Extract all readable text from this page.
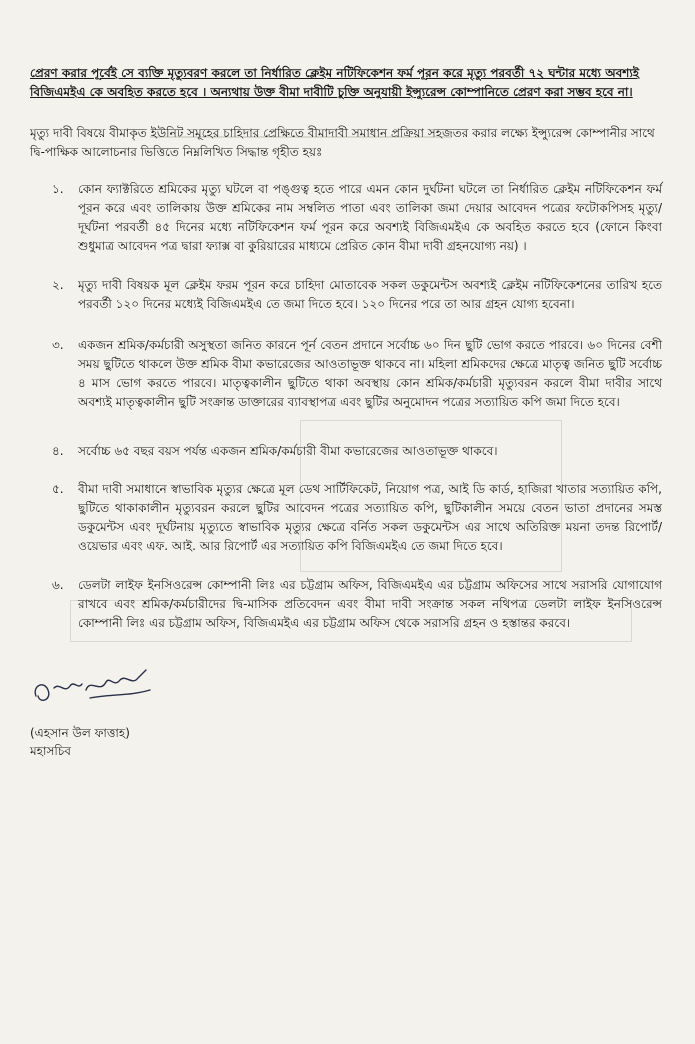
প্রেরণ করার পূর্বেই সে ব্যক্তি মৃত্যুবরণ করলে তা নির্ধারিত ক্লেইম নটিফিকেশন ফর্ম পূরন করে মৃত্যু পরবর্তী ৭২ ঘন্টার মধ্যে অবশ্যই বিজিএমইএ কে অবহিত করতে হবে । অন্যথায় উক্ত বীমা দাবীটি চুক্তি অনুযায়ী ইন্স্যুরেন্স কোম্পানিতে প্রেরণ করা সম্ভব হবে না।
মৃত্যু দাবী বিষয়ে বীমাকৃত ইউনিট সমূহের চাহিদার প্রেক্ষিতে বীমাদাবী সমাধান প্রক্রিয়া সহজতর করার লক্ষ্যে ইন্স্যুরেন্স কোম্পানীর সাথে দ্বি-পাক্ষিক আলোচনার ভিত্তিতে নিম্নলিখিত সিদ্ধান্ত গৃহীত হয়ঃ
১.	কোন ফ্যাক্টরিতে শ্রমিকের মৃত্যু ঘটলে বা পঙ্গুত্ব হতে পারে এমন কোন দুর্ঘটনা ঘটলে তা নির্ধারিত ক্লেইম নটিফিকেশন ফর্ম পূরন করে এবং তালিকায় উক্ত শ্রমিকের নাম সম্বলিত পাতা এবং তালিকা জমা দেয়ার আবেদন পত্রের ফটোকপিসহ মৃত্যু/দূর্ঘটনা পরবর্তী ৪৫ দিনের মধ্যে নটিফিকেশন ফর্ম পূরন করে অবশ্যই বিজিএমইএ কে অবহিত করতে হবে (ফোনে কিংবা শুধুমাত্র আবেদন পত্র দ্বারা ফ্যাক্স বা কুরিয়ারের মাধ্যমে প্রেরিত কোন বীমা দাবী গ্রহনযোগ্য নয়) ।
২.	মৃত্যু দাবী বিষয়ক মূল ক্লেইম ফরম পূরন করে চাহিদা মোতাবেক সকল ডকুমেন্টস অবশ্যই ক্লেইম নটিফিকেশনের তারিখ হতে পরবর্তী ১২০ দিনের মধ্যেই বিজিএমইএ তে জমা দিতে হবে। ১২০ দিনের পরে তা আর গ্রহন যোগ্য হবেনা।
৩.	একজন শ্রমিক/কর্মচারী অসুস্থতা জনিত কারনে পূর্ন বেতন প্রদানে সর্বোচ্চ ৬০ দিন ছুটি ভোগ করতে পারবে। ৬০ দিনের বেশী সময় ছুটিতে থাকলে উক্ত শ্রমিক বীমা কভারেজের আওতাভূক্ত থাকবে না। মহিলা শ্রমিকদের ক্ষেত্রে মাতৃত্ব জনিত ছুটি সর্বোচ্চ ৪ মাস ভোগ করতে পারবে। মাতৃত্বকালীন ছুটিতে থাকা অবস্থায় কোন শ্রমিক/কর্মচারী মৃত্যুবরন করলে বীমা দাবীর সাথে অবশ্যই মাতৃত্বকালীন ছুটি সংক্রান্ত ডাক্তারের ব্যাবস্থাপত্র এবং ছুটির অনুমোদন পত্রের সত্যায়িত কপি জমা দিতে হবে।
৪.	সর্বোচ্চ ৬৫ বছর বয়স পর্যন্ত একজন শ্রমিক/কর্মচারী বীমা কভারেজের আওতাভূক্ত থাকবে।
৫.	বীমা দাবী সমাধানে স্বাভাবিক মৃত্যুর ক্ষেত্রে মূল ডেথ সার্টিফিকেট, নিয়োগ পত্র, আই ডি কার্ড, হাজিরা খাতার সত্যায়িত কপি, ছুটিতে থাকাকালীন মৃত্যুবরন করলে ছুটির আবেদন পত্রের সত্যায়িত কপি, ছুটিকালীন সময়ে বেতন ভাতা প্রদানের সমস্ত ডকুমেন্টস এবং দূর্ঘটনায় মৃত্যুতে স্বাভাবিক মৃত্যুর ক্ষেত্রে বর্নিত সকল ডকুমেন্টস এর সাথে অতিরিক্ত ময়না তদন্ত রিপোর্ট/ওয়েভার এবং এফ. আই. আর রিপোর্ট এর সত্যায়িত কপি বিজিএমইএ তে জমা দিতে হবে।
৬.	ডেলটা লাইফ ইনসিওরেন্স কোম্পানী লিঃ এর চট্টগ্রাম অফিস, বিজিএমইএ এর চট্টগ্রাম অফিসের সাথে সরাসরি যোগাযোগ রাখবে এবং শ্রমিক/কর্মচারীদের দ্বি-মাসিক প্রতিবেদন এবং বীমা দাবী সংক্রান্ত সকল নথিপত্র ডেলটা লাইফ ইনসিওরেন্স কোম্পানী লিঃ এর চট্টগ্রাম অফিস, বিজিএমইএ এর চট্টগ্রাম অফিস থেকে সরাসরি গ্রহন ও হস্তান্তর করবে।
(এহসান উল ফাত্তাহ)
মহাসচিব
